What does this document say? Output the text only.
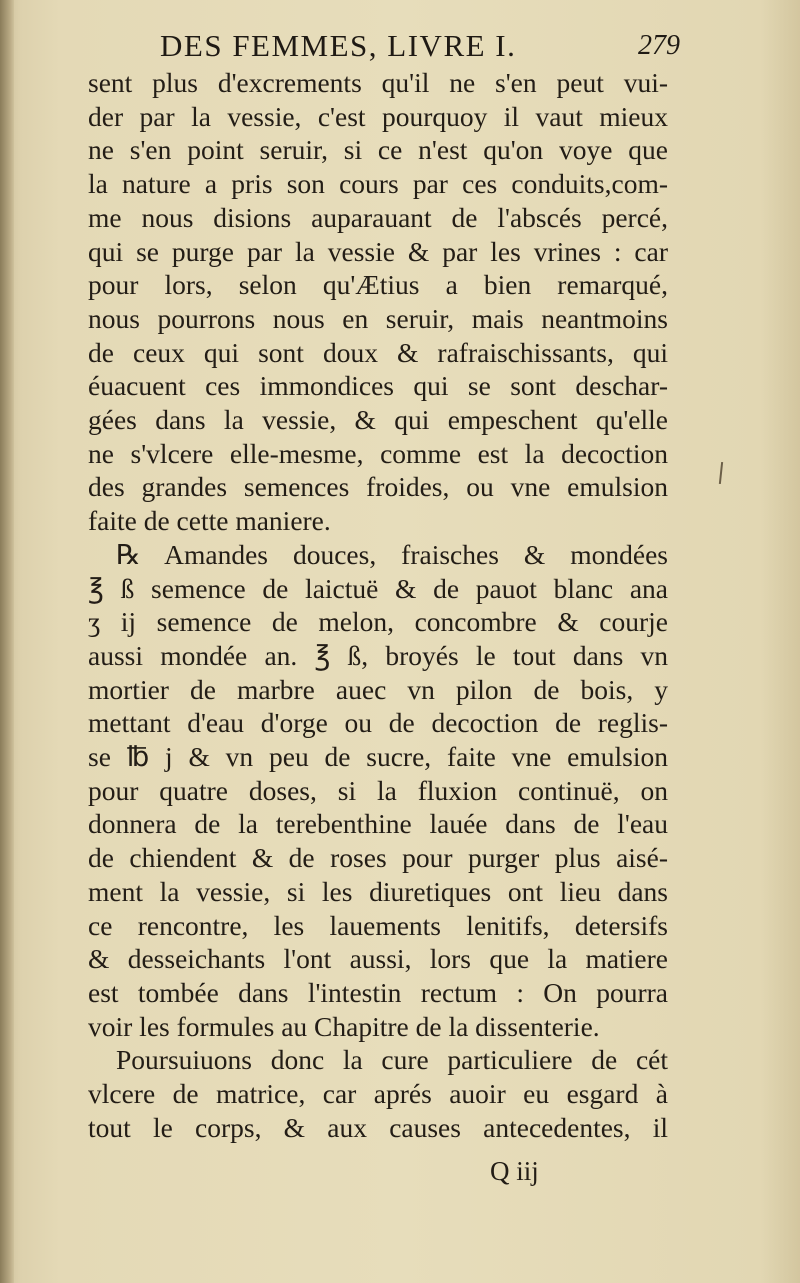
DES FEMMES, LIVRE I.	279
sent plus d'excrements qu'il ne s'en peut vui-
der par la vessie, c'est pourquoy il vaut mieux
ne s'en point seruir, si ce n'est qu'on voye que
la nature a pris son cours par ces conduits,com-
me nous disions auparauant de l'abscés percé,
qui se purge par la vessie & par les vrines : car
pour lors, selon qu'Ætius a bien remarqué,
nous pourrons nous en seruir, mais neantmoins
de ceux qui sont doux & rafraischissants, qui
éuacuent ces immondices qui se sont deschar-
gées dans la vessie, & qui empeschent qu'elle
ne s'vlcere elle-mesme, comme est la decoction
des grandes semences froides, ou vne emulsion
faite de cette maniere.
℞ Amandes douces, fraisches & mondées
℥ ß semence de laictuë & de pauot blanc ana
ʒ ij semence de melon, concombre & courje
aussi mondée an. ℥ ß, broyés le tout dans vn
mortier de marbre auec vn pilon de bois, y
mettant d'eau d'orge ou de decoction de reglis-
se ℔ j & vn peu de sucre, faite vne emulsion
pour quatre doses, si la fluxion continuë, on
donnera de la terebenthine lauée dans de l'eau
de chiendent & de roses pour purger plus aisé-
ment la vessie, si les diuretiques ont lieu dans
ce rencontre, les lauements lenitifs, detersifs
& desseichants l'ont aussi, lors que la matiere
est tombée dans l'intestin rectum : On pourra
voir les formules au Chapitre de la dissenterie.
Poursuiuons donc la cure particuliere de cét
vlcere de matrice, car aprés auoir eu esgard à
tout le corps, & aux causes antecedentes, il
Q iij
